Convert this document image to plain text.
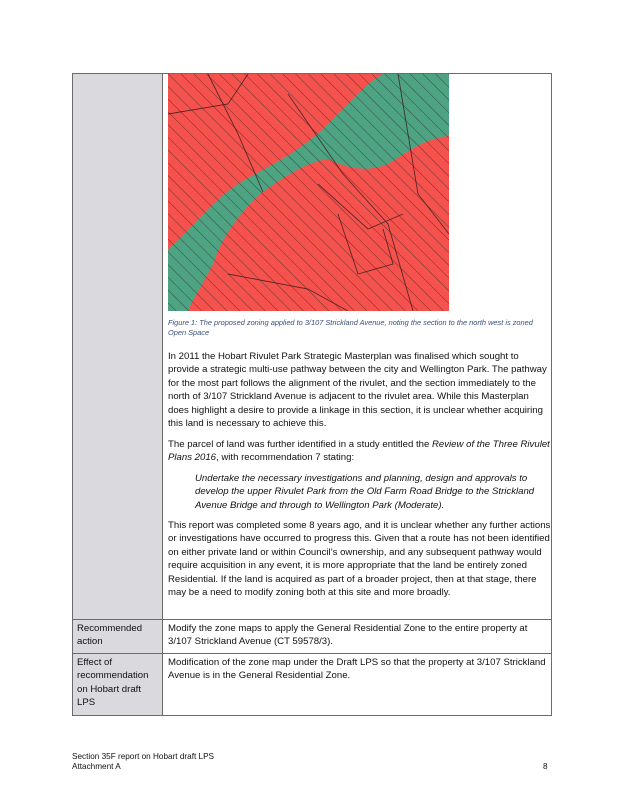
Figure 1: The proposed zoning applied to 3/107 Strickland Avenue, noting the section to the north west is zoned Open Space
In 2011 the Hobart Rivulet Park Strategic Masterplan was finalised which sought to provide a strategic multi-use pathway between the city and Wellington Park. The pathway for the most part follows the alignment of the rivulet, and the section immediately to the north of 3/107 Strickland Avenue is adjacent to the rivulet area. While this Masterplan does highlight a desire to provide a linkage in this section, it is unclear whether acquiring this land is necessary to achieve this.
The parcel of land was further identified in a study entitled the Review of the Three Rivulet Plans 2016, with recommendation 7 stating:
Undertake the necessary investigations and planning, design and approvals to develop the upper Rivulet Park from the Old Farm Road Bridge to the Strickland Avenue Bridge and through to Wellington Park (Moderate).
This report was completed some 8 years ago, and it is unclear whether any further actions or investigations have occurred to progress this. Given that a route has not been identified on either private land or within Council’s ownership, and any subsequent pathway would require acquisition in any event, it is more appropriate that the land be entirely zoned Residential. If the land is acquired as part of a broader project, then at that stage, there may be a need to modify zoning both at this site and more broadly.
Recommended action
Modify the zone maps to apply the General Residential Zone to the entire property at 3/107 Strickland Avenue (CT 59578/3).
Effect of recommendation on Hobart draft LPS
Modification of the zone map under the Draft LPS so that the property at 3/107 Strickland Avenue is in the General Residential Zone.
Section 35F report on Hobart draft LPS
Attachment A	8
